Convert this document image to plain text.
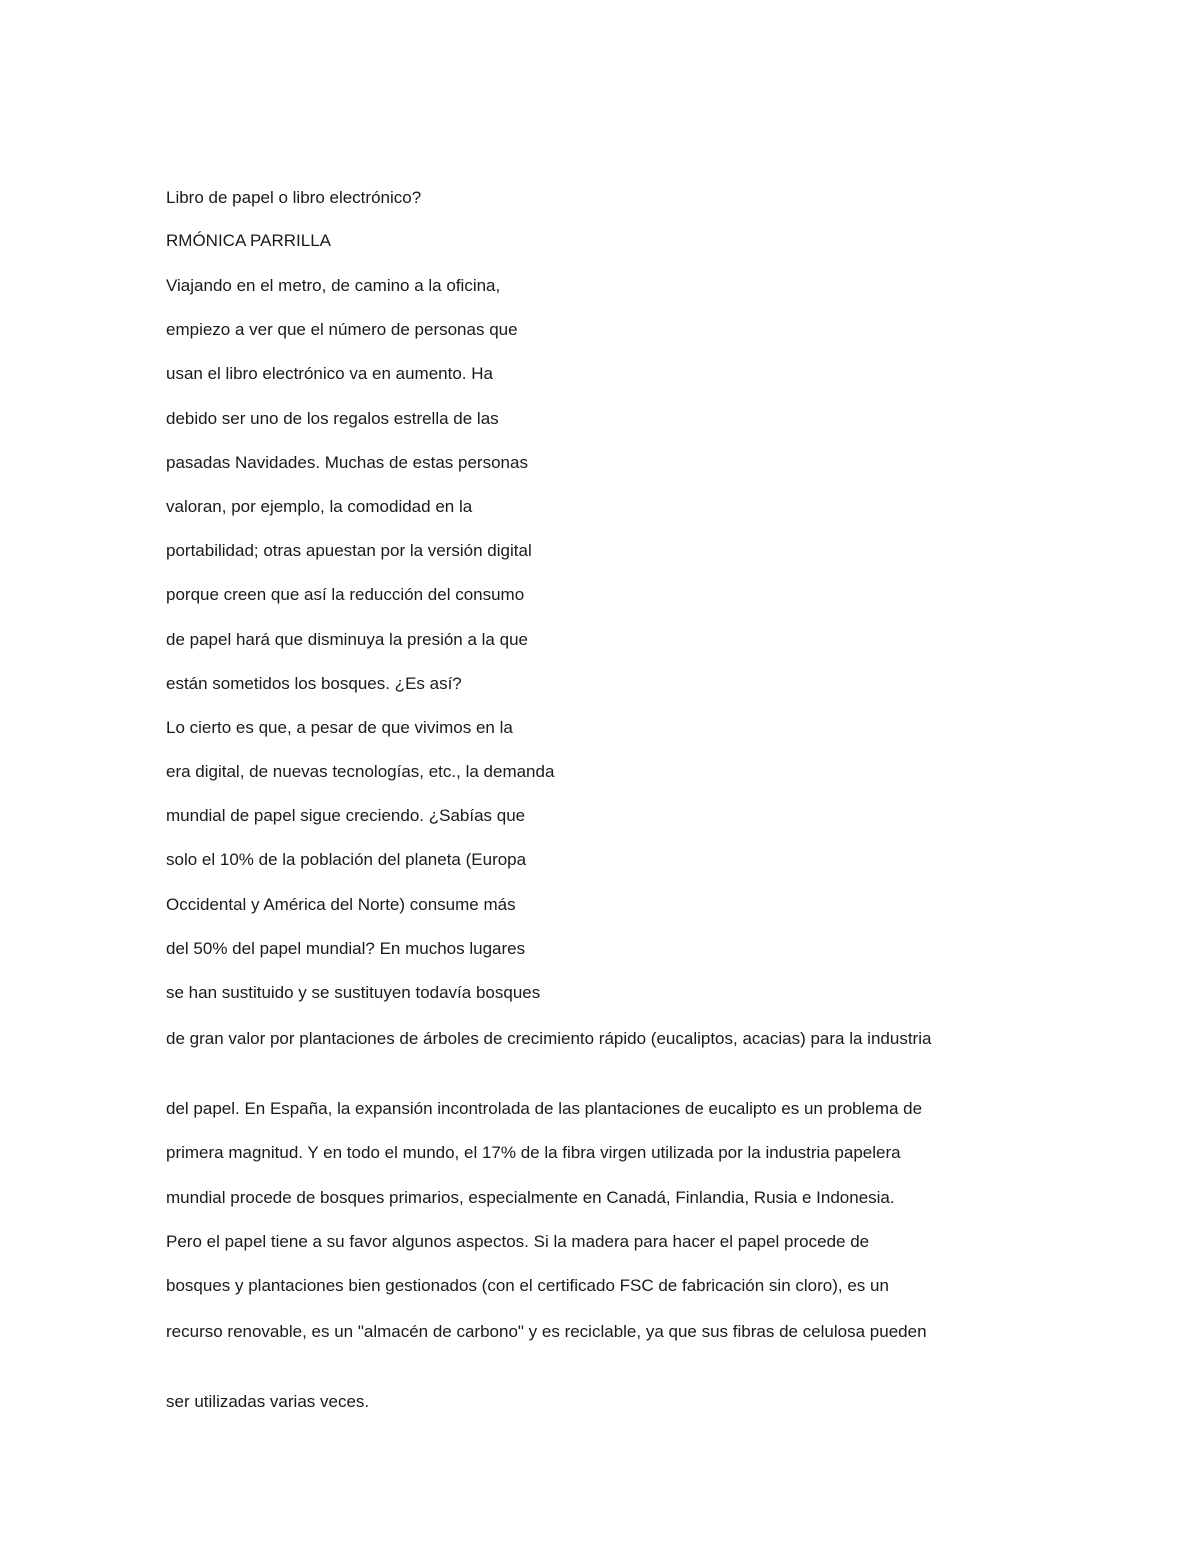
Libro de papel o libro electrónico?

RMÓNICA PARRILLA

Viajando en el metro, de camino a la oficina,

empiezo a ver que el número de personas que

usan el libro electrónico va en aumento. Ha

debido ser uno de los regalos estrella de las

pasadas Navidades. Muchas de estas personas

valoran, por ejemplo, la comodidad en la

portabilidad; otras apuestan por la versión digital

porque creen que así la reducción del consumo

de papel hará que disminuya la presión a la que

están sometidos los bosques. ¿Es así?

Lo cierto es que, a pesar de que vivimos en la

era digital, de nuevas tecnologías, etc., la demanda

mundial de papel sigue creciendo. ¿Sabías que

solo el 10% de la población del planeta (Europa

Occidental y América del Norte) consume más

del 50% del papel mundial? En muchos lugares

se han sustituido y se sustituyen todavía bosques

de gran valor por plantaciones de árboles de crecimiento rápido (eucaliptos, acacias) para la industria

del papel. En España, la expansión incontrolada de las plantaciones de eucalipto es un problema de

primera magnitud. Y en todo el mundo, el 17% de la fibra virgen utilizada por la industria papelera

mundial procede de bosques primarios, especialmente en Canadá, Finlandia, Rusia e Indonesia.

Pero el papel tiene a su favor algunos aspectos. Si la madera para hacer el papel procede de

bosques y plantaciones bien gestionados (con el certificado FSC de fabricación sin cloro), es un

recurso renovable, es un "almacén de carbono" y es reciclable, ya que sus fibras de celulosa pueden

ser utilizadas varias veces.
